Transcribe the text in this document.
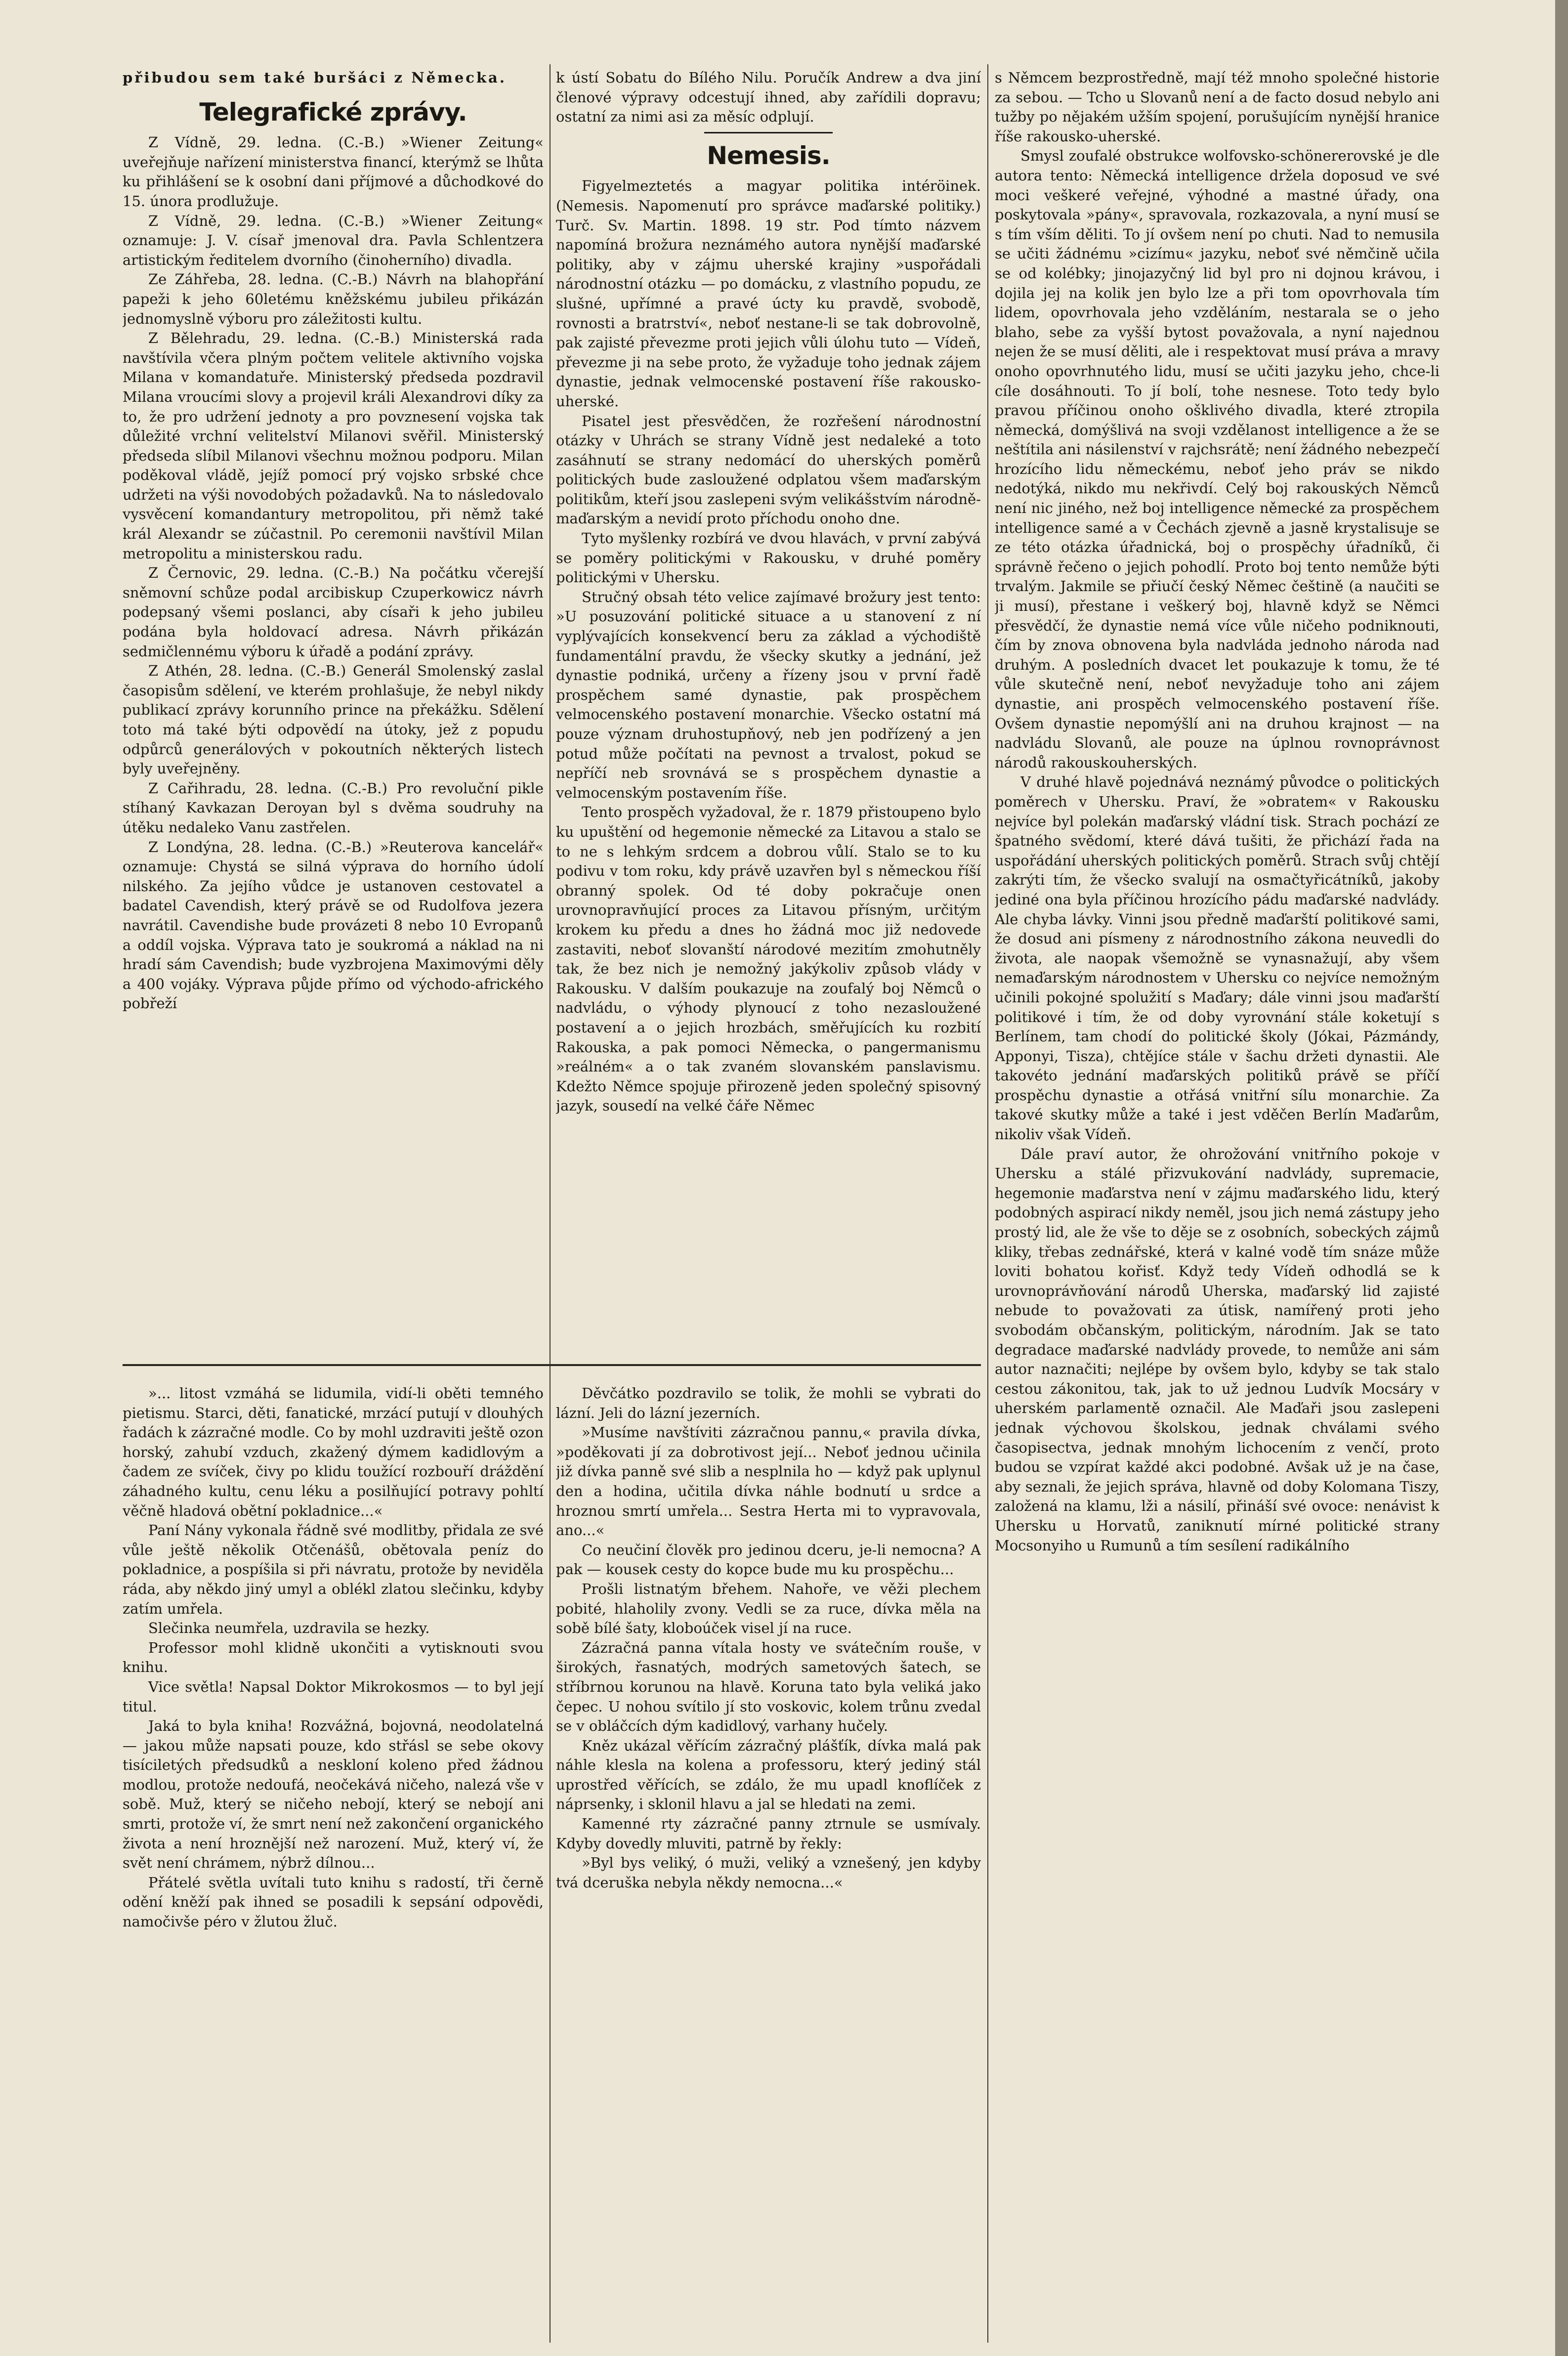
přibudou sem také buršáci z Německa.

Telegrafické zprávy.

Z Vídně, 29. ledna. (C.-B.) »Wiener Zeitung« uveřejňuje nařízení ministerstva financí, kterýmž se lhůta ku přihlášení se k osobní dani příjmové a důchodkové do 15. února prodlužuje.

Z Vídně, 29. ledna. (C.-B.) »Wiener Zeitung« oznamuje: J. V. císař jmenoval dra. Pavla Schlentzera artistickým ředitelem dvorního (činoherního) divadla.

Ze Záhřeba, 28. ledna. (C.-B.) Návrh na blahopřání papeži k jeho 60letému kněžskému jubileu přikázán jednomyslně výboru pro záležitosti kultu.

Z Bělehradu, 29. ledna. (C.-B.) Ministerská rada navštívila včera plným počtem velitele aktivního vojska Milana v komandatuře. Ministerský předseda pozdravil Milana vroucími slovy a projevil králi Alexandrovi díky za to, že pro udržení jednoty a pro povznesení vojska tak důležité vrchní velitelství Milanovi svěřil. Ministerský předseda slíbil Milanovi všechnu možnou podporu. Milan poděkoval vládě, jejíž pomocí prý vojsko srbské chce udržeti na výši novodobých požadavků. Na to následovalo vysvěcení komandantury metropolitou, při němž také král Alexandr se zúčastnil. Po ceremonii navštívil Milan metropolitu a ministerskou radu.

Z Černovic, 29. ledna. (C.-B.) Na počátku včerejší sněmovní schůze podal arcibiskup Czuperkowicz návrh podepsaný všemi poslanci, aby císaři k jeho jubileu podána byla holdovací adresa. Návrh přikázán sedmičlennému výboru k úřadě a podání zprávy.

Z Athén, 28. ledna. (C.-B.) Generál Smolenský zaslal časopisům sdělení, ve kterém prohlašuje, že nebyl nikdy publikací zprávy korunního prince na překážku. Sdělení toto má také býti odpovědí na útoky, jež z popudu odpůrců generálových v pokoutních některých listech byly uveřejněny.

Z Cařihradu, 28. ledna. (C.-B.) Pro revoluční pikle stíhaný Kavkazan Deroyan byl s dvěma soudruhy na útěku nedaleko Vanu zastřelen.

Z Londýna, 28. ledna. (C.-B.) »Reuterova kancelář« oznamuje: Chystá se silná výprava do horního údolí nilského. Za jejího vůdce je ustanoven cestovatel a badatel Cavendish, který právě se od Rudolfova jezera navrátil. Cavendishe bude provázeti 8 nebo 10 Evropanů a oddíl vojska. Výprava tato je soukromá a náklad na ni hradí sám Cavendish; bude vyzbrojena Maximovými děly a 400 vojáky. Výprava půjde přímo od východo-afrického pobřeží

k ústí Sobatu do Bílého Nilu. Poručík Andrew a dva jiní členové výpravy odcestují ihned, aby zařídili dopravu; ostatní za nimi asi za měsíc odplují.

Nemesis.

Figyelmeztetés a magyar politika intéröinek. (Nemesis. Napomenutí pro správce maďarské politiky.) Turč. Sv. Martin. 1898. 19 str. Pod tímto názvem napomíná brožura neznámého autora nynější maďarské politiky, aby v zájmu uherské krajiny »uspořádali národnostní otázku — po domácku, z vlastního popudu, ze slušné, upřímné a pravé úcty ku pravdě, svobodě, rovnosti a bratrství«, neboť nestane-li se tak dobrovolně, pak zajisté převezme proti jejich vůli úlohu tuto — Vídeň, převezme ji na sebe proto, že vyžaduje toho jednak zájem dynastie, jednak velmocenské postavení říše rakousko-uherské.

Pisatel jest přesvědčen, že rozřešení národnostní otázky v Uhrách se strany Vídně jest nedaleké a toto zasáhnutí se strany nedomácí do uherských poměrů politických bude zasloužené odplatou všem maďarským politikům, kteří jsou zaslepeni svým velikášstvím národně-maďarským a nevidí proto příchodu onoho dne.

Tyto myšlenky rozbírá ve dvou hlavách, v první zabývá se poměry politickými v Rakousku, v druhé poměry politickými v Uhersku.

Stručný obsah této velice zajímavé brožury jest tento: »U posuzování politické situace a u stanovení z ní vyplývajících konsekvencí beru za základ a východiště fundamentální pravdu, že všecky skutky a jednání, jež dynastie podniká, určeny a řízeny jsou v první řadě prospěchem samé dynastie, pak prospěchem velmocenského postavení monarchie. Všecko ostatní má pouze význam druhostupňový, neb jen podřízený a jen potud může počítati na pevnost a trvalost, pokud se nepříčí neb srovnává se s prospěchem dynastie a velmocenským postavením říše.

Tento prospěch vyžadoval, že r. 1879 přistoupeno bylo ku upuštění od hegemonie německé za Litavou a stalo se to ne s lehkým srdcem a dobrou vůlí. Stalo se to ku podivu v tom roku, kdy právě uzavřen byl s německou říší obranný spolek. Od té doby pokračuje onen urovnopravňující proces za Litavou přísným, určitým krokem ku předu a dnes ho žádná moc již nedovede zastaviti, neboť slovanští národové mezitím zmohutněly tak, že bez nich je nemožný jakýkoliv způsob vlády v Rakousku. V dalším poukazuje na zoufalý boj Němců o nadvládu, o výhody plynoucí z toho nezasloužené postavení a o jejich hrozbách, směřujících ku rozbití Rakouska, a pak pomoci Německa, o pangermanismu »reálném« a o tak zvaném slovanském panslavismu. Kdežto Němce spojuje přirozeně jeden společný spisovný jazyk, sousedí na velké čáře Němec

s Němcem bezprostředně, mají též mnoho společné historie za sebou. — Tcho u Slovanů není a de facto dosud nebylo ani tužby po nějakém užším spojení, porušujícím nynější hranice říše rakousko-uherské.

Smysl zoufalé obstrukce wolfovsko-schönererovské je dle autora tento: Německá intelligence držela doposud ve své moci veškeré veřejné, výhodné a mastné úřady, ona poskytovala »pány«, spravovala, rozkazovala, a nyní musí se s tím vším děliti. To jí ovšem není po chuti. Nad to nemusila se učiti žádnému »cizímu« jazyku, neboť své němčině učila se od kolébky; jinojazyčný lid byl pro ni dojnou krávou, i dojila jej na kolik jen bylo lze a při tom opovrhovala tím lidem, opovrhovala jeho vzděláním, nestarala se o jeho blaho, sebe za vyšší bytost považovala, a nyní najednou nejen že se musí děliti, ale i respektovat musí práva a mravy onoho opovrhnutého lidu, musí se učiti jazyku jeho, chce-li cíle dosáhnouti. To jí bolí, tohe nesnese. Toto tedy bylo pravou příčinou onoho ošklivého divadla, které ztropila německá, domýšlivá na svoji vzdělanost intelligence a že se neštítila ani násilenství v rajchsrátě; není žádného nebezpečí hrozícího lidu německému, neboť jeho práv se nikdo nedotýká, nikdo mu nekřivdí. Celý boj rakouských Němců není nic jiného, než boj intelligence německé za prospěchem intelligence samé a v Čechách zjevně a jasně krystalisuje se ze této otázka úřadnická, boj o prospěchy úřadníků, či správně řečeno o jejich pohodlí. Proto boj tento nemůže býti trvalým. Jakmile se přiučí český Němec češtině (a naučiti se ji musí), přestane i veškerý boj, hlavně když se Němci přesvědčí, že dynastie nemá více vůle ničeho podniknouti, čím by znova obnovena byla nadvláda jednoho národa nad druhým. A posledních dvacet let poukazuje k tomu, že té vůle skutečně není, neboť nevyžaduje toho ani zájem dynastie, ani prospěch velmocenského postavení říše. Ovšem dynastie nepomýšlí ani na druhou krajnost — na nadvládu Slovanů, ale pouze na úplnou rovnoprávnost národů rakouskouherských.

V druhé hlavě pojednává neznámý původce o politických poměrech v Uhersku. Praví, že »obratem« v Rakousku nejvíce byl polekán maďarský vládní tisk. Strach pochází ze špatného svědomí, které dává tušiti, že přichází řada na uspořádání uherských politických poměrů. Strach svůj chtějí zakrýti tím, že všecko svalují na osmačtyřicátníků, jakoby jediné ona byla příčinou hrozícího pádu maďarské nadvlády. Ale chyba lávky. Vinni jsou předně maďarští politikové sami, že dosud ani písmeny z národnostního zákona neuvedli do života, ale naopak všemožně se vynasnažují, aby všem nemaďarským národnostem v Uhersku co nejvíce nemožným učinili pokojné spolužití s Maďary; dále vinni jsou maďarští politikové i tím, že od doby vyrovnání stále koketují s Berlínem, tam chodí do politické školy (Jókai, Pázmándy, Apponyi, Tisza), chtějíce stále v šachu držeti dynastii. Ale takovéto jednání maďarských politiků právě se příčí prospěchu dynastie a otřásá vnitřní sílu monarchie. Za takové skutky může a také i jest vděčen Berlín Maďarům, nikoliv však Vídeň.

Dále praví autor, že ohrožování vnitřního pokoje v Uhersku a stálé přizvukování nadvlády, supremacie, hegemonie maďarstva není v zájmu maďarského lidu, který podobných aspirací nikdy neměl, jsou jich nemá zástupy jeho prostý lid, ale že vše to děje se z osobních, sobeckých zájmů kliky, třebas zednářské, která v kalné vodě tím snáze může loviti bohatou kořisť. Když tedy Vídeň odhodlá se k urovnoprávňování národů Uherska, maďarský lid zajisté nebude to považovati za útisk, namířený proti jeho svobodám občanským, politickým, národním. Jak se tato degradace maďarské nadvlády provede, to nemůže ani sám autor naznačiti; nejlépe by ovšem bylo, kdyby se tak stalo cestou zákonitou, tak, jak to už jednou Ludvík Mocsáry v uherském parlamentě označil. Ale Maďaři jsou zaslepeni jednak výchovou školskou, jednak chválami svého časopisectva, jednak mnohým lichocením z venčí, proto budou se vzpírat každé akci podobné. Avšak už je na čase, aby seznali, že jejich správa, hlavně od doby Kolomana Tiszy, založená na klamu, lži a násilí, přináší své ovoce: nenávist k Uhersku u Horvatů, zaniknutí mírné politické strany Mocsonyiho u Rumunů a tím sesílení radikálního

»... litost vzmáhá se lidumila, vidí-li oběti temného pietismu. Starci, děti, fanatické, mrzácí putují v dlouhých řadách k zázračné modle. Co by mohl uzdraviti ještě ozon horský, zahubí vzduch, zkažený dýmem kadidlovým a čadem ze svíček, čivy po klidu toužící rozbouří dráždění záhadného kultu, cenu léku a posilňující potravy pohltí věčně hladová obětní pokladnice...«

Paní Nány vykonala řádně své modlitby, přidala ze své vůle ještě několik Otčenášů, obětovala peníz do pokladnice, a pospíšila si při návratu, protože by neviděla ráda, aby někdo jiný umyl a oblékl zlatou slečinku, kdyby zatím umřela.

Slečinka neumřela, uzdravila se hezky.

Professor mohl klidně ukončiti a vytisknouti svou knihu.

Vice světla! Napsal Doktor Mikrokosmos — to byl její titul.

Jaká to byla kniha! Rozvážná, bojovná, neodolatelná — jakou může napsati pouze, kdo střásl se sebe okovy tisíciletých předsudků a neskloní koleno před žádnou modlou, protože nedoufá, neočekává ničeho, nalezá vše v sobě. Muž, který se ničeho nebojí, který se nebojí ani smrti, protože ví, že smrt není než zakončení organického života a není hroznější než narození. Muž, který ví, že svět není chrámem, nýbrž dílnou...

Přátelé světla uvítali tuto knihu s radostí, tři černě odění kněží pak ihned se posadili k sepsání odpovědi, namočivše péro v žlutou žluč.

Děvčátko pozdravilo se tolik, že mohli se vybrati do lázní. Jeli do lázní jezerních.

»Musíme navštíviti zázračnou pannu,« pravila dívka, »poděkovati jí za dobrotivost její... Neboť jednou učinila již dívka panně své slib a nesplnila ho — když pak uplynul den a hodina, učitila dívka náhle bodnutí u srdce a hroznou smrtí umřela... Sestra Herta mi to vypravovala, ano...«

Co neučiní člověk pro jedinou dceru, je-li nemocna? A pak — kousek cesty do kopce bude mu ku prospěchu...

Prošli listnatým břehem. Nahoře, ve věži plechem pobité, hlaholily zvony. Vedli se za ruce, dívka měla na sobě bílé šaty, kloboúček visel jí na ruce.

Zázračná panna vítala hosty ve svátečním rouše, v širokých, řasnatých, modrých sametových šatech, se stříbrnou korunou na hlavě. Koruna tato byla veliká jako čepec. U nohou svítilo jí sto voskovic, kolem trůnu zvedal se v obláčcích dým kadidlový, varhany hučely.

Kněz ukázal věřícím zázračný plášťík, dívka malá pak náhle klesla na kolena a professoru, který jediný stál uprostřed věřících, se zdálo, že mu upadl knoflíček z náprsenky, i sklonil hlavu a jal se hledati na zemi.

Kamenné rty zázračné panny ztrnule se usmívaly. Kdyby dovedly mluviti, patrně by řekly:

»Byl bys veliký, ó muži, veliký a vznešený, jen kdyby tvá dceruška nebyla někdy nemocna...«
